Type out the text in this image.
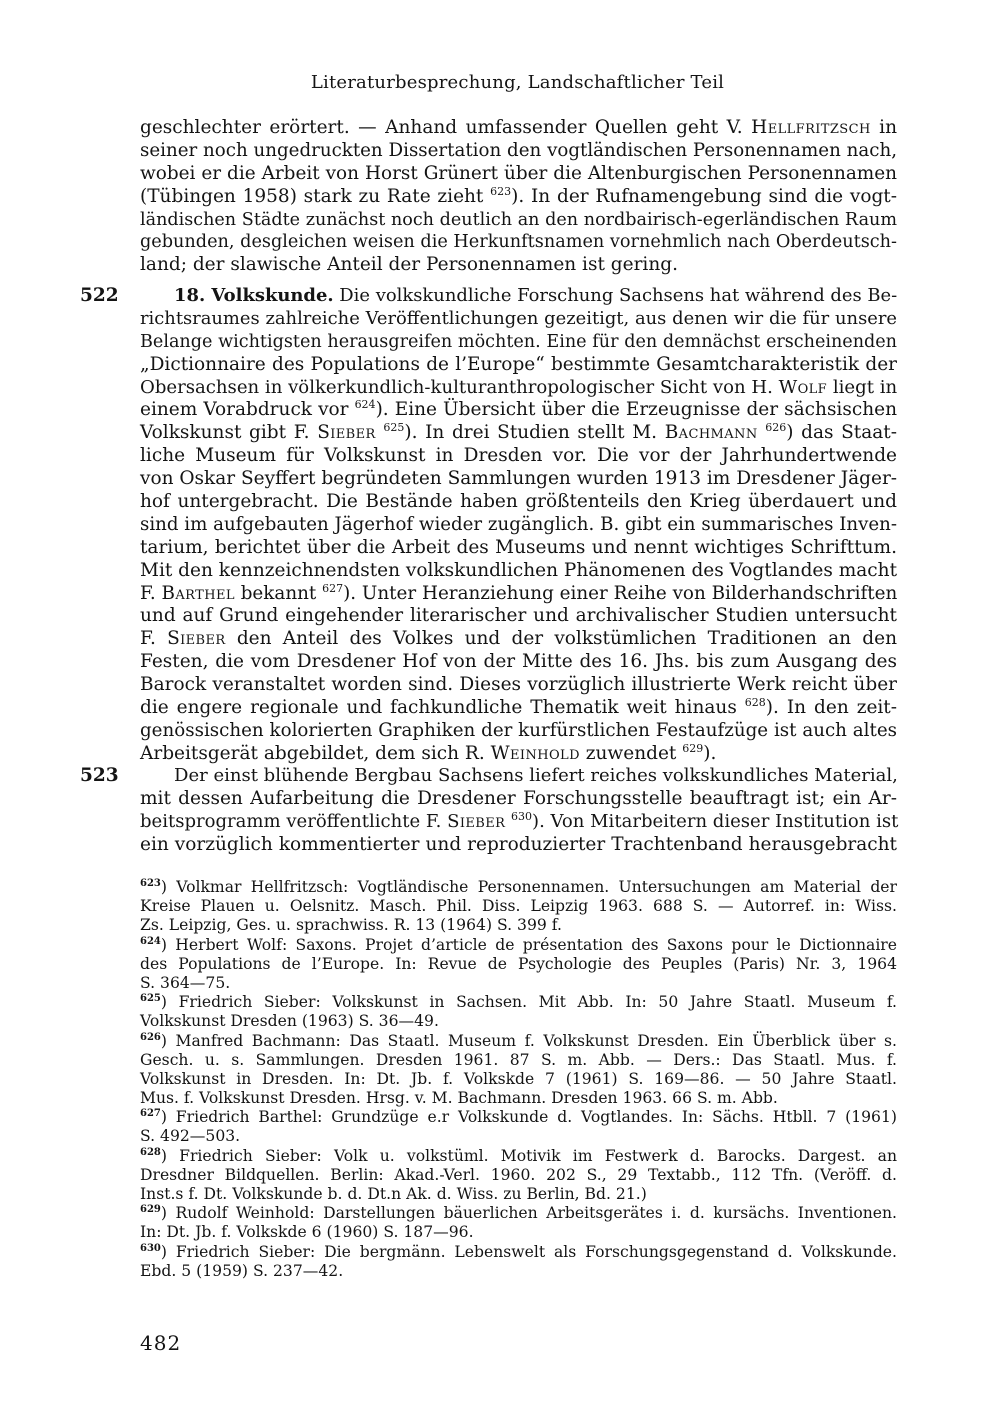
Literaturbesprechung, Landschaftlicher Teil
geschlechter erörtert. — Anhand umfassender Quellen geht V. Hellfritzsch in
seiner noch ungedruckten Dissertation den vogtländischen Personennamen nach,
wobei er die Arbeit von Horst Grünert über die Altenburgischen Personennamen
(Tübingen 1958) stark zu Rate zieht $^{623}$). In der Rufnamengebung sind die vogt-
ländischen Städte zunächst noch deutlich an den nordbairisch-egerländischen Raum
gebunden, desgleichen weisen die Herkunftsnamen vornehmlich nach Oberdeutsch-
land; der slawische Anteil der Personennamen ist gering.
522	18. Volkskunde. Die volkskundliche Forschung Sachsens hat während des Be-
richtsraumes zahlreiche Veröffentlichungen gezeitigt, aus denen wir die für unsere
Belange wichtigsten herausgreifen möchten. Eine für den demnächst erscheinenden
„Dictionnaire des Populations de l’Europe“ bestimmte Gesamtcharakteristik der
Obersachsen in völkerkundlich-kulturanthropologischer Sicht von H. Wolf liegt in
einem Vorabdruck vor $^{624}$). Eine Übersicht über die Erzeugnisse der sächsischen
Volkskunst gibt F. Sieber $^{625}$). In drei Studien stellt M. Bachmann $^{626}$) das Staat-
liche Museum für Volkskunst in Dresden vor. Die vor der Jahrhundertwende
von Oskar Seyffert begründeten Sammlungen wurden 1913 im Dresdener Jäger-
hof untergebracht. Die Bestände haben größtenteils den Krieg überdauert und
sind im aufgebauten Jägerhof wieder zugänglich. B. gibt ein summarisches Inven-
tarium, berichtet über die Arbeit des Museums und nennt wichtiges Schrifttum.
Mit den kennzeichnendsten volkskundlichen Phänomenen des Vogtlandes macht
F. Barthel bekannt $^{627}$). Unter Heranziehung einer Reihe von Bilderhandschriften
und auf Grund eingehender literarischer und archivalischer Studien untersucht
F. Sieber den Anteil des Volkes und der volkstümlichen Traditionen an den
Festen, die vom Dresdener Hof von der Mitte des 16. Jhs. bis zum Ausgang des
Barock veranstaltet worden sind. Dieses vorzüglich illustrierte Werk reicht über
die engere regionale und fachkundliche Thematik weit hinaus $^{628}$). In den zeit-
genössischen kolorierten Graphiken der kurfürstlichen Festaufzüge ist auch altes
Arbeitsgerät abgebildet, dem sich R. Weinhold zuwendet $^{629}$).
523	Der einst blühende Bergbau Sachsens liefert reiches volkskundliches Material,
mit dessen Aufarbeitung die Dresdener Forschungsstelle beauftragt ist; ein Ar-
beitsprogramm veröffentlichte F. Sieber $^{630}$). Von Mitarbeitern dieser Institution ist
ein vorzüglich kommentierter und reproduzierter Trachtenband herausgebracht
$^{623}$) Volkmar Hellfritzsch: Vogtländische Personennamen. Untersuchungen am Material der
Kreise Plauen u. Oelsnitz. Masch. Phil. Diss. Leipzig 1963. 688 S. — Autorref. in: Wiss.
Zs. Leipzig, Ges. u. sprachwiss. R. 13 (1964) S. 399 f.
$^{624}$) Herbert Wolf: Saxons. Projet d’article de présentation des Saxons pour le Dictionnaire
des Populations de l’Europe. In: Revue de Psychologie des Peuples (Paris) Nr. 3, 1964
S. 364—75.
$^{625}$) Friedrich Sieber: Volkskunst in Sachsen. Mit Abb. In: 50 Jahre Staatl. Museum f.
Volkskunst Dresden (1963) S. 36—49.
$^{626}$) Manfred Bachmann: Das Staatl. Museum f. Volkskunst Dresden. Ein Überblick über s.
Gesch. u. s. Sammlungen. Dresden 1961. 87 S. m. Abb. — Ders.: Das Staatl. Mus. f.
Volkskunst in Dresden. In: Dt. Jb. f. Volkskde 7 (1961) S. 169—86. — 50 Jahre Staatl.
Mus. f. Volkskunst Dresden. Hrsg. v. M. Bachmann. Dresden 1963. 66 S. m. Abb.
$^{627}$) Friedrich Barthel: Grundzüge e.r Volkskunde d. Vogtlandes. In: Sächs. Htbll. 7 (1961)
S. 492—503.
$^{628}$) Friedrich Sieber: Volk u. volkstüml. Motivik im Festwerk d. Barocks. Dargest. an
Dresdner Bildquellen. Berlin: Akad.-Verl. 1960. 202 S., 29 Textabb., 112 Tfn. (Veröff. d.
Inst.s f. Dt. Volkskunde b. d. Dt.n Ak. d. Wiss. zu Berlin, Bd. 21.)
$^{629}$) Rudolf Weinhold: Darstellungen bäuerlichen Arbeitsgerätes i. d. kursächs. Inventionen.
In: Dt. Jb. f. Volkskde 6 (1960) S. 187—96.
$^{630}$) Friedrich Sieber: Die bergmänn. Lebenswelt als Forschungsgegenstand d. Volkskunde.
Ebd. 5 (1959) S. 237—42.
482
